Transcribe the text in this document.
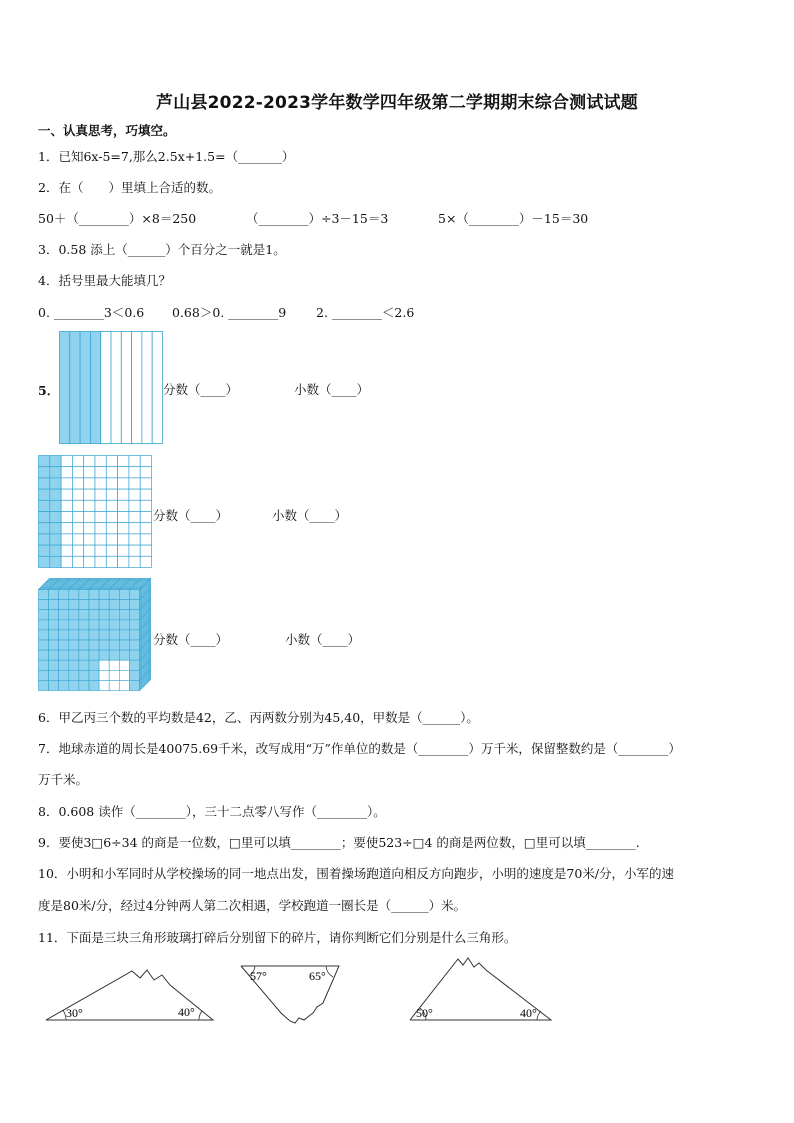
芦山县2022-2023学年数学四年级第二学期期末综合测试试题
一、认真思考，巧填空。
1．已知6x-5=7,那么2.5x+1.5=（_______）
2．在（　　）里填上合适的数。
50＋（________）×8＝250	（________）÷3－15＝3	5×（________）－15＝30
3．0.58 添上（______）个百分之一就是1。
4．括号里最大能填几？
0. ________3＜0.6 0.68＞0. ________9 2. ________＜2.6
5．	分数（____）	小数（____）
分数（____）	小数（____）
分数（____）	小数（____）
6．甲乙丙三个数的平均数是42，乙、丙两数分别为45,40，甲数是（______）。
7．地球赤道的周长是40075.69千米，改写成用“万”作单位的数是（________）万千米，保留整数约是（________）
万千米。
8．0.608 读作（________），三十二点零八写作（________）。
9．要使3□6÷34 的商是一位数，□里可以填________；要使523÷□4 的商是两位数，□里可以填________.
10．小明和小军同时从学校操场的同一地点出发，围着操场跑道向相反方向跑步，小明的速度是70米/分，小军的速
度是80米/分，经过4分钟两人第二次相遇，学校跑道一圈长是（______）米。
11．下面是三块三角形玻璃打碎后分别留下的碎片，请你判断它们分别是什么三角形。
30°	40°
57°	65°
50°	40°
